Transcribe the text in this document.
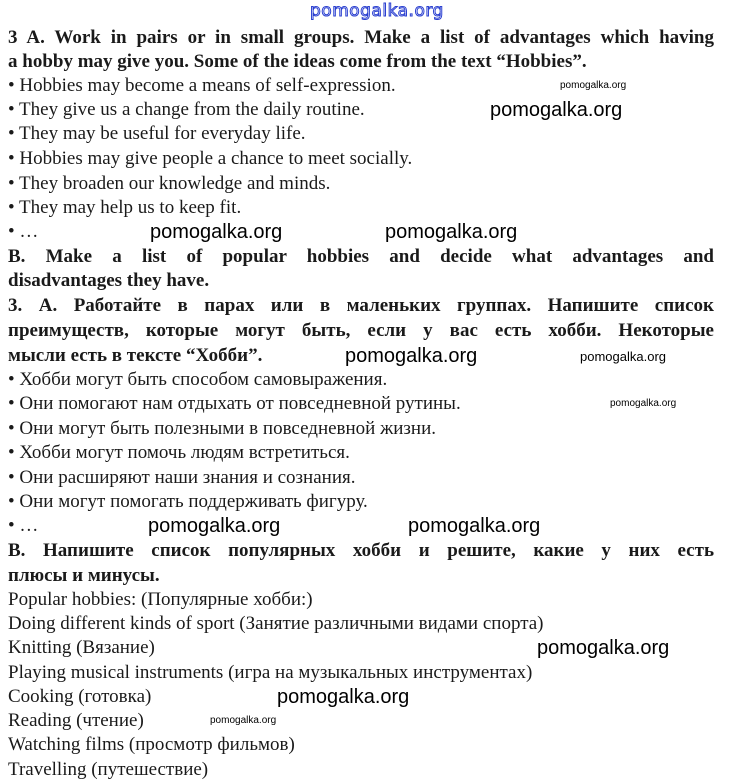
pomogalka.org
3 A. Work in pairs or in small groups. Make a list of advantages which having
a hobby may give you. Some of the ideas come from the text “Hobbies”.
• Hobbies may become a means of self-expression.
• They give us a change from the daily routine.
• They may be useful for everyday life.
• Hobbies may give people a chance to meet socially.
• They broaden our knowledge and minds.
• They may help us to keep fit.
• …
B. Make a list of popular hobbies and decide what advantages and
disadvantages they have.
3. А. Работайте в парах или в маленьких группах. Напишите список
преимуществ, которые могут быть, если у вас есть хобби. Некоторые
мысли есть в тексте “Хобби”.
• Хобби могут быть способом самовыражения.
• Они помогают нам отдыхать от повседневной рутины.
• Они могут быть полезными в повседневной жизни.
• Хобби могут помочь людям встретиться.
• Они расширяют наши знания и сознания.
• Они могут помогать поддерживать фигуру.
• …
В. Напишите список популярных хобби и решите, какие у них есть
плюсы и минусы.
Popular hobbies: (Популярные хобби:)
Doing different kinds of sport (Занятие различными видами спорта)
Knitting (Вязание)
Playing musical instruments (игра на музыкальных инструментах)
Cooking (готовка)
Reading (чтение)
Watching films (просмотр фильмов)
Travelling (путешествие)
pomogalka.org
pomogalka.org
pomogalka.org	pomogalka.org
pomogalka.org	pomogalka.org
pomogalka.org
pomogalka.org	pomogalka.org
pomogalka.org
pomogalka.org
pomogalka.org
